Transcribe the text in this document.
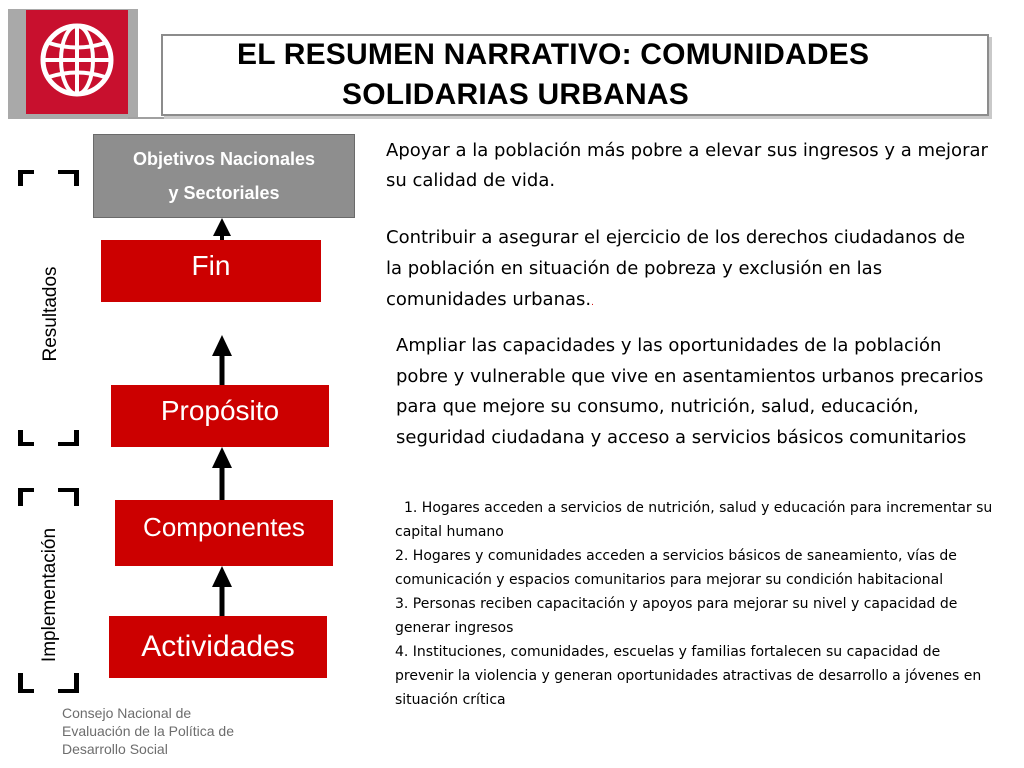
EL RESUMEN NARRATIVO: COMUNIDADES
SOLIDARIAS URBANAS
Objetivos Nacionales
y Sectoriales
Fin
Propósito
Componentes
Actividades
Resultados
Implementación
Apoyar a la población más pobre a elevar sus ingresos y a mejorar su calidad de vida.
Contribuir a asegurar el ejercicio de los derechos ciudadanos de la población en situación de pobreza y exclusión en las comunidades urbanas..
Ampliar las capacidades y las oportunidades de la población pobre y vulnerable que vive en asentamientos urbanos precarios para que mejore su consumo, nutrición, salud, educación, seguridad ciudadana y acceso a servicios básicos comunitarios
1. Hogares acceden a servicios de nutrición, salud y educación para incrementar su capital humano
2. Hogares y comunidades acceden a servicios básicos de saneamiento, vías de comunicación y espacios comunitarios para mejorar su condición habitacional
3. Personas reciben capacitación y apoyos para mejorar su nivel y capacidad de generar ingresos
4. Instituciones, comunidades, escuelas y familias fortalecen su capacidad de prevenir la violencia y generan oportunidades atractivas de desarrollo a jóvenes en situación crítica
Consejo Nacional de
Evaluación de la Política de
Desarrollo Social
